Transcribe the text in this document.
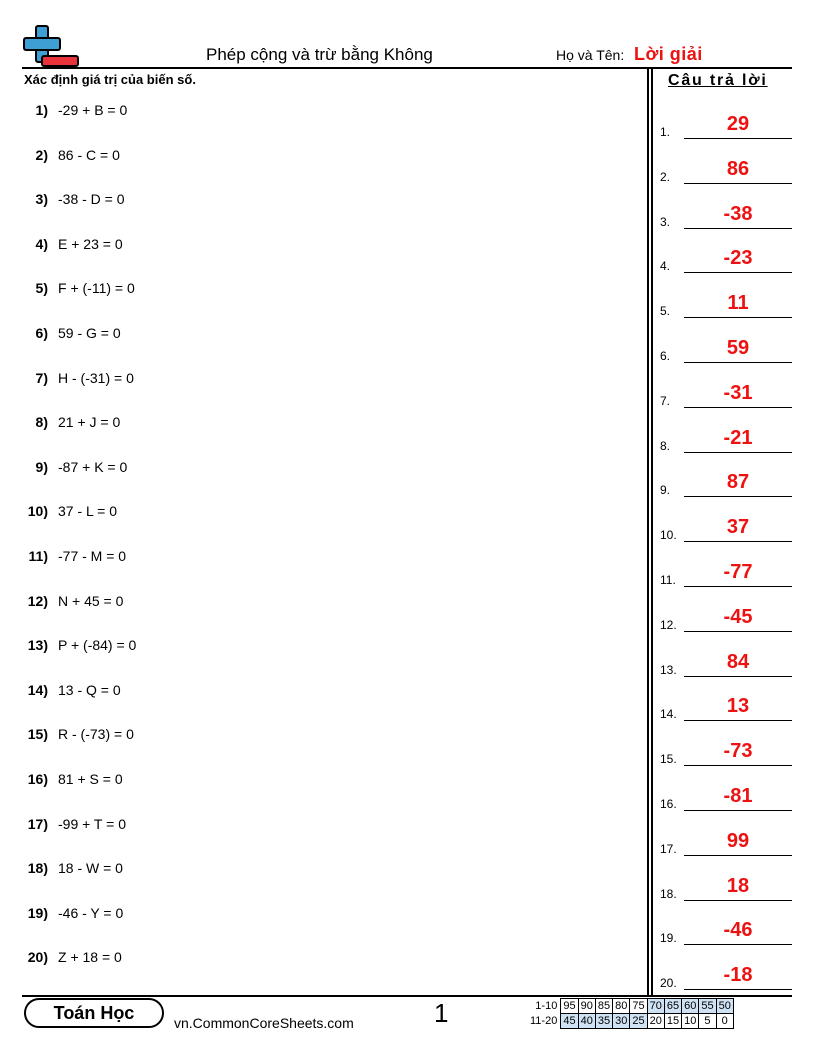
Phép cộng và trừ bằng Không	Họ và Tên: Lời giải
Xác định giá trị của biến số.	Câu trả lời
1) -29 + B = 0
2) 86 - C = 0
3) -38 - D = 0
4) E + 23 = 0
5) F + (-11) = 0
6) 59 - G = 0
7) H - (-31) = 0
8) 21 + J = 0
9) -87 + K = 0
10) 37 - L = 0
11) -77 - M = 0
12) N + 45 = 0
13) P + (-84) = 0
14) 13 - Q = 0
15) R - (-73) = 0
16) 81 + S = 0
17) -99 + T = 0
18) 18 - W = 0
19) -46 - Y = 0
20) Z + 18 = 0
1.	29
2.	86
3.	-38
4.	-23
5.	11
6.	59
7.	-31
8.	-21
9.	87
10.	37
11.	-77
12.	-45
13.	84
14.	13
15.	-73
16.	-81
17.	99
18.	18
19.	-46
20.	-18
Toán Học
vn.CommonCoreSheets.com	1	1-10	95	90	85	80	75	70	65	60	55	50
11-20	45	40	35	30	25	20	15	10	5	0
